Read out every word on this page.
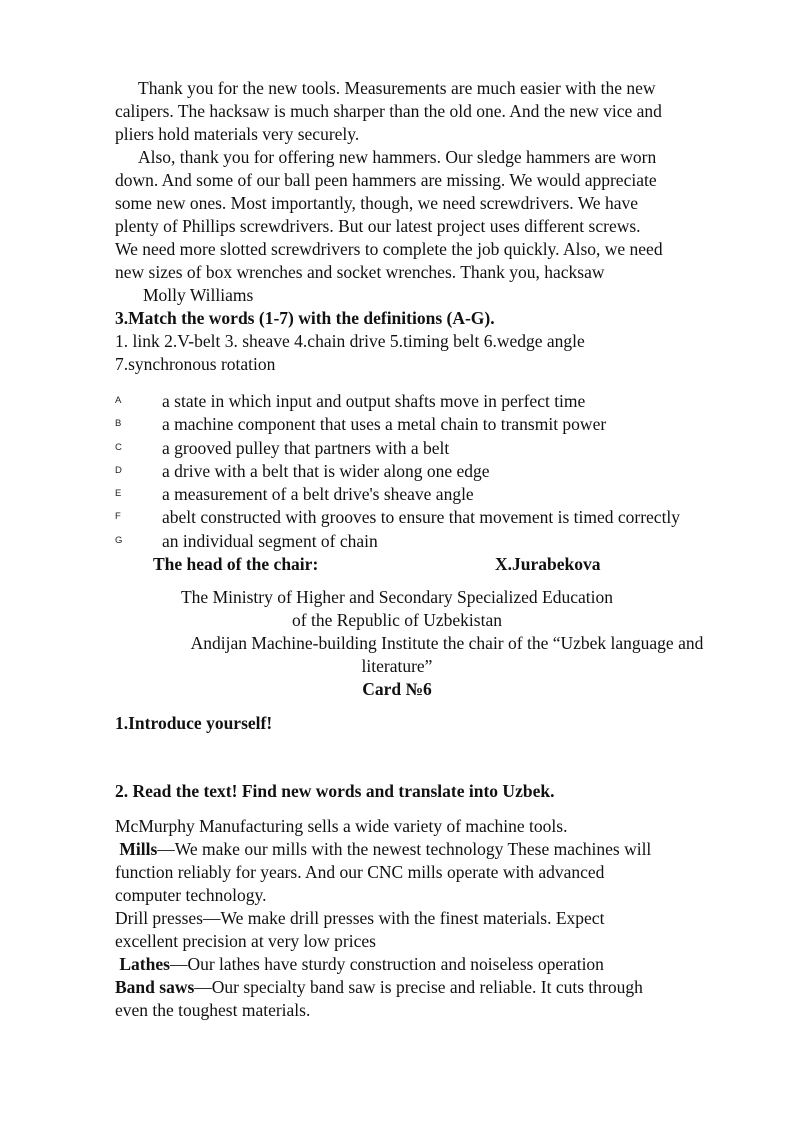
Thank you for the new tools. Measurements are much easier with the new
calipers. The hacksaw is much sharper than the old one. And the new vice and
pliers hold materials very securely.
Also, thank you for offering new hammers. Our sledge hammers are worn
down. And some of our ball peen hammers are missing. We would appreciate
some new ones. Most importantly, though, we need screwdrivers. We have
plenty of Phillips screwdrivers. But our latest project uses different screws.
We need more slotted screwdrivers to complete the job quickly. Also, we need
new sizes of box wrenches and socket wrenches. Thank you, hacksaw
Molly Williams
3.Match the words (1-7) with the definitions (A-G).
1. link 2.V-belt 3. sheave 4.chain drive 5.timing belt 6.wedge angle
7.synchronous rotation
A a state in which input and output shafts move in perfect time
B a machine component that uses a metal chain to transmit power
C a grooved pulley that partners with a belt
D a drive with a belt that is wider along one edge
E a measurement of a belt drive's sheave angle
F abelt constructed with grooves to ensure that movement is timed correctly
G an individual segment of chain
The head of the chair:	X.Jurabekova
The Ministry of Higher and Secondary Specialized Education
of the Republic of Uzbekistan
Andijan Machine-building Institute the chair of the “Uzbek language and
literature”
Card №6
1.Introduce yourself!
2. Read the text! Find new words and translate into Uzbek.
McMurphy Manufacturing sells a wide variety of machine tools.
Mills—We make our mills with the newest technology These machines will
function reliably for years. And our CNC mills operate with advanced
computer technology.
Drill presses—We make drill presses with the finest materials. Expect
excellent precision at very low prices
Lathes—Our lathes have sturdy construction and noiseless operation
Band saws—Our specialty band saw is precise and reliable. It cuts through
even the toughest materials.
